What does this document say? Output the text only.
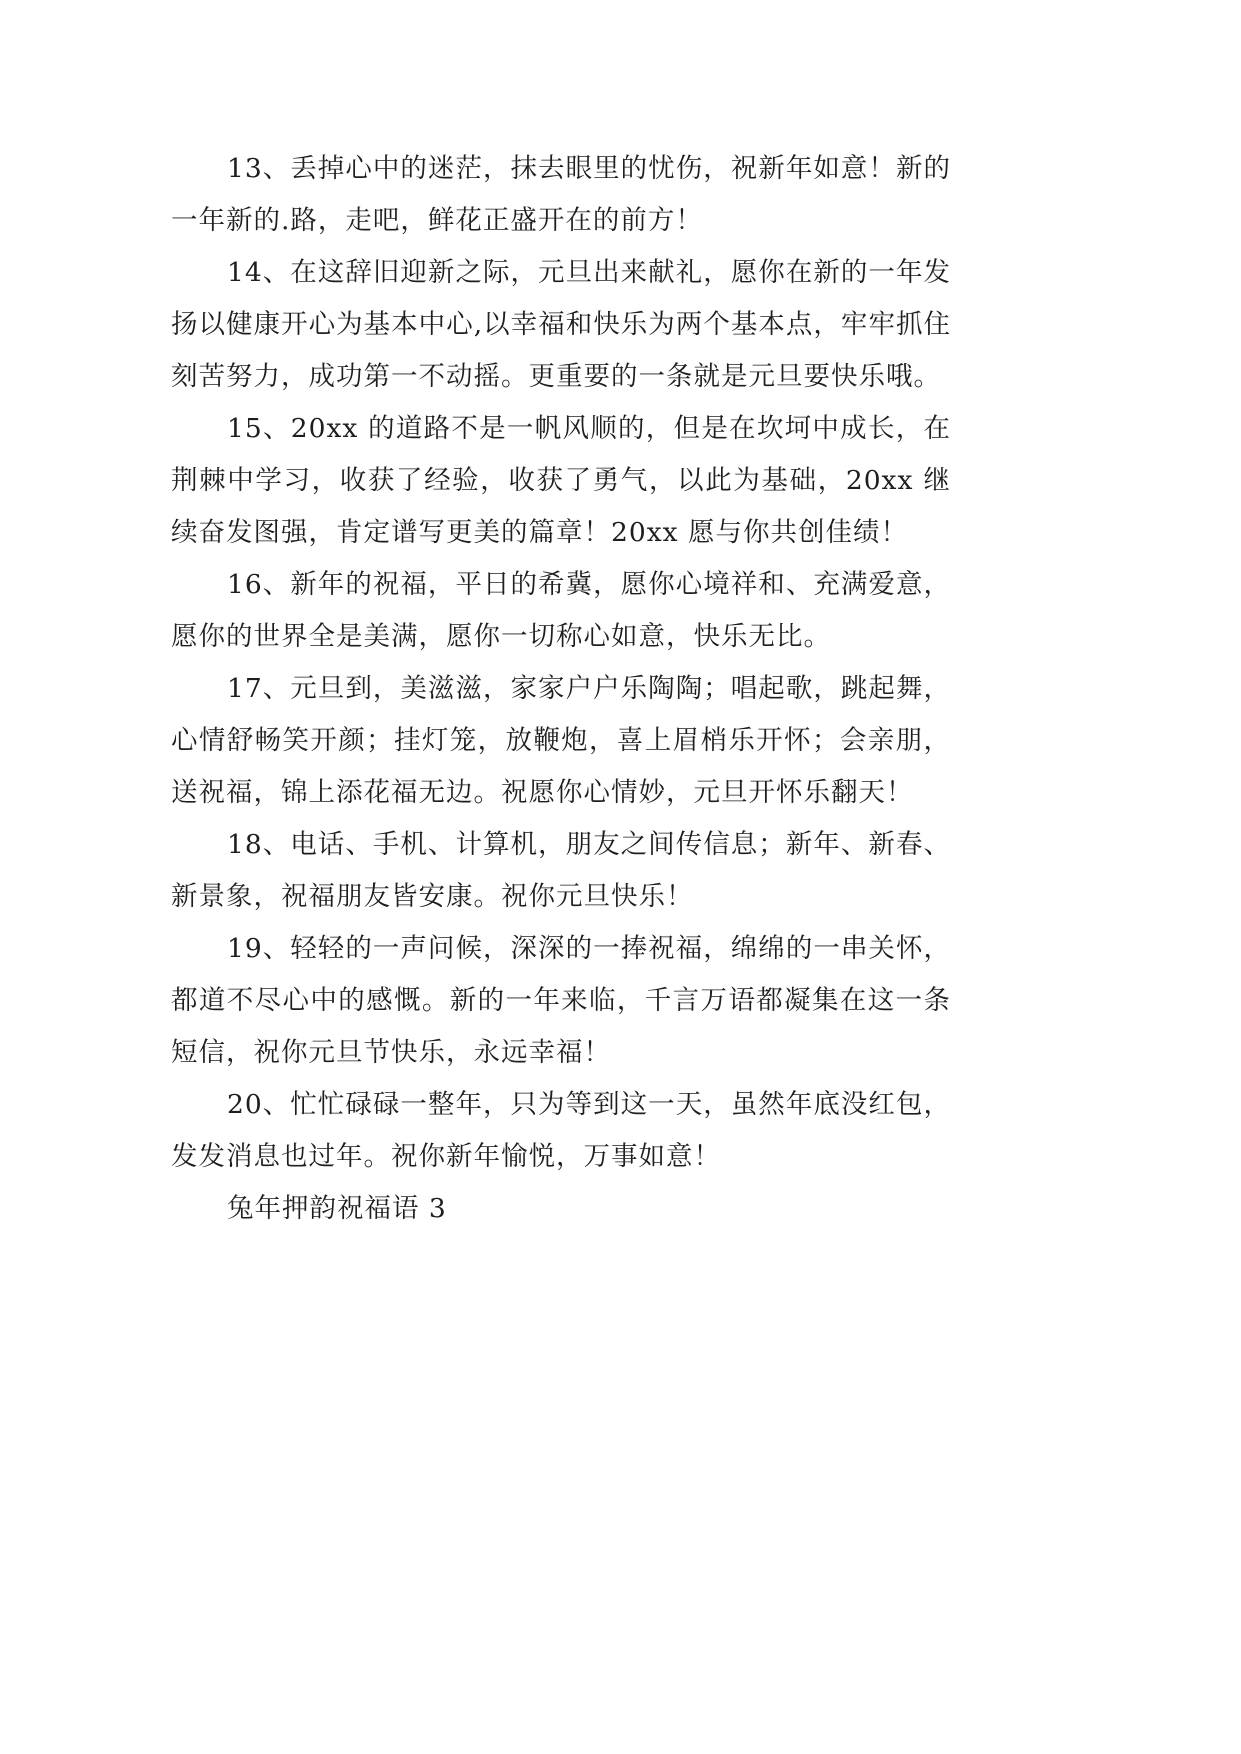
13、丢掉心中的迷茫，抹去眼里的忧伤，祝新年如意！新的一年新的.路，走吧，鲜花正盛开在的前方！

14、在这辞旧迎新之际，元旦出来献礼，愿你在新的一年发扬以健康开心为基本中心,以幸福和快乐为两个基本点，牢牢抓住刻苦努力，成功第一不动摇。更重要的一条就是元旦要快乐哦。

15、20xx 的道路不是一帆风顺的，但是在坎坷中成长，在荆棘中学习，收获了经验，收获了勇气，以此为基础，20xx 继续奋发图强，肯定谱写更美的篇章！20xx 愿与你共创佳绩！

16、新年的祝福，平日的希冀，愿你心境祥和、充满爱意，愿你的世界全是美满，愿你一切称心如意，快乐无比。

17、元旦到，美滋滋，家家户户乐陶陶；唱起歌，跳起舞，心情舒畅笑开颜；挂灯笼，放鞭炮，喜上眉梢乐开怀；会亲朋，送祝福，锦上添花福无边。祝愿你心情妙，元旦开怀乐翻天！

18、电话、手机、计算机，朋友之间传信息；新年、新春、新景象，祝福朋友皆安康。祝你元旦快乐！

19、轻轻的一声问候，深深的一捧祝福，绵绵的一串关怀，都道不尽心中的感慨。新的一年来临，千言万语都凝集在这一条短信，祝你元旦节快乐，永远幸福！

20、忙忙碌碌一整年，只为等到这一天，虽然年底没红包，发发消息也过年。祝你新年愉悦，万事如意！

兔年押韵祝福语 3
